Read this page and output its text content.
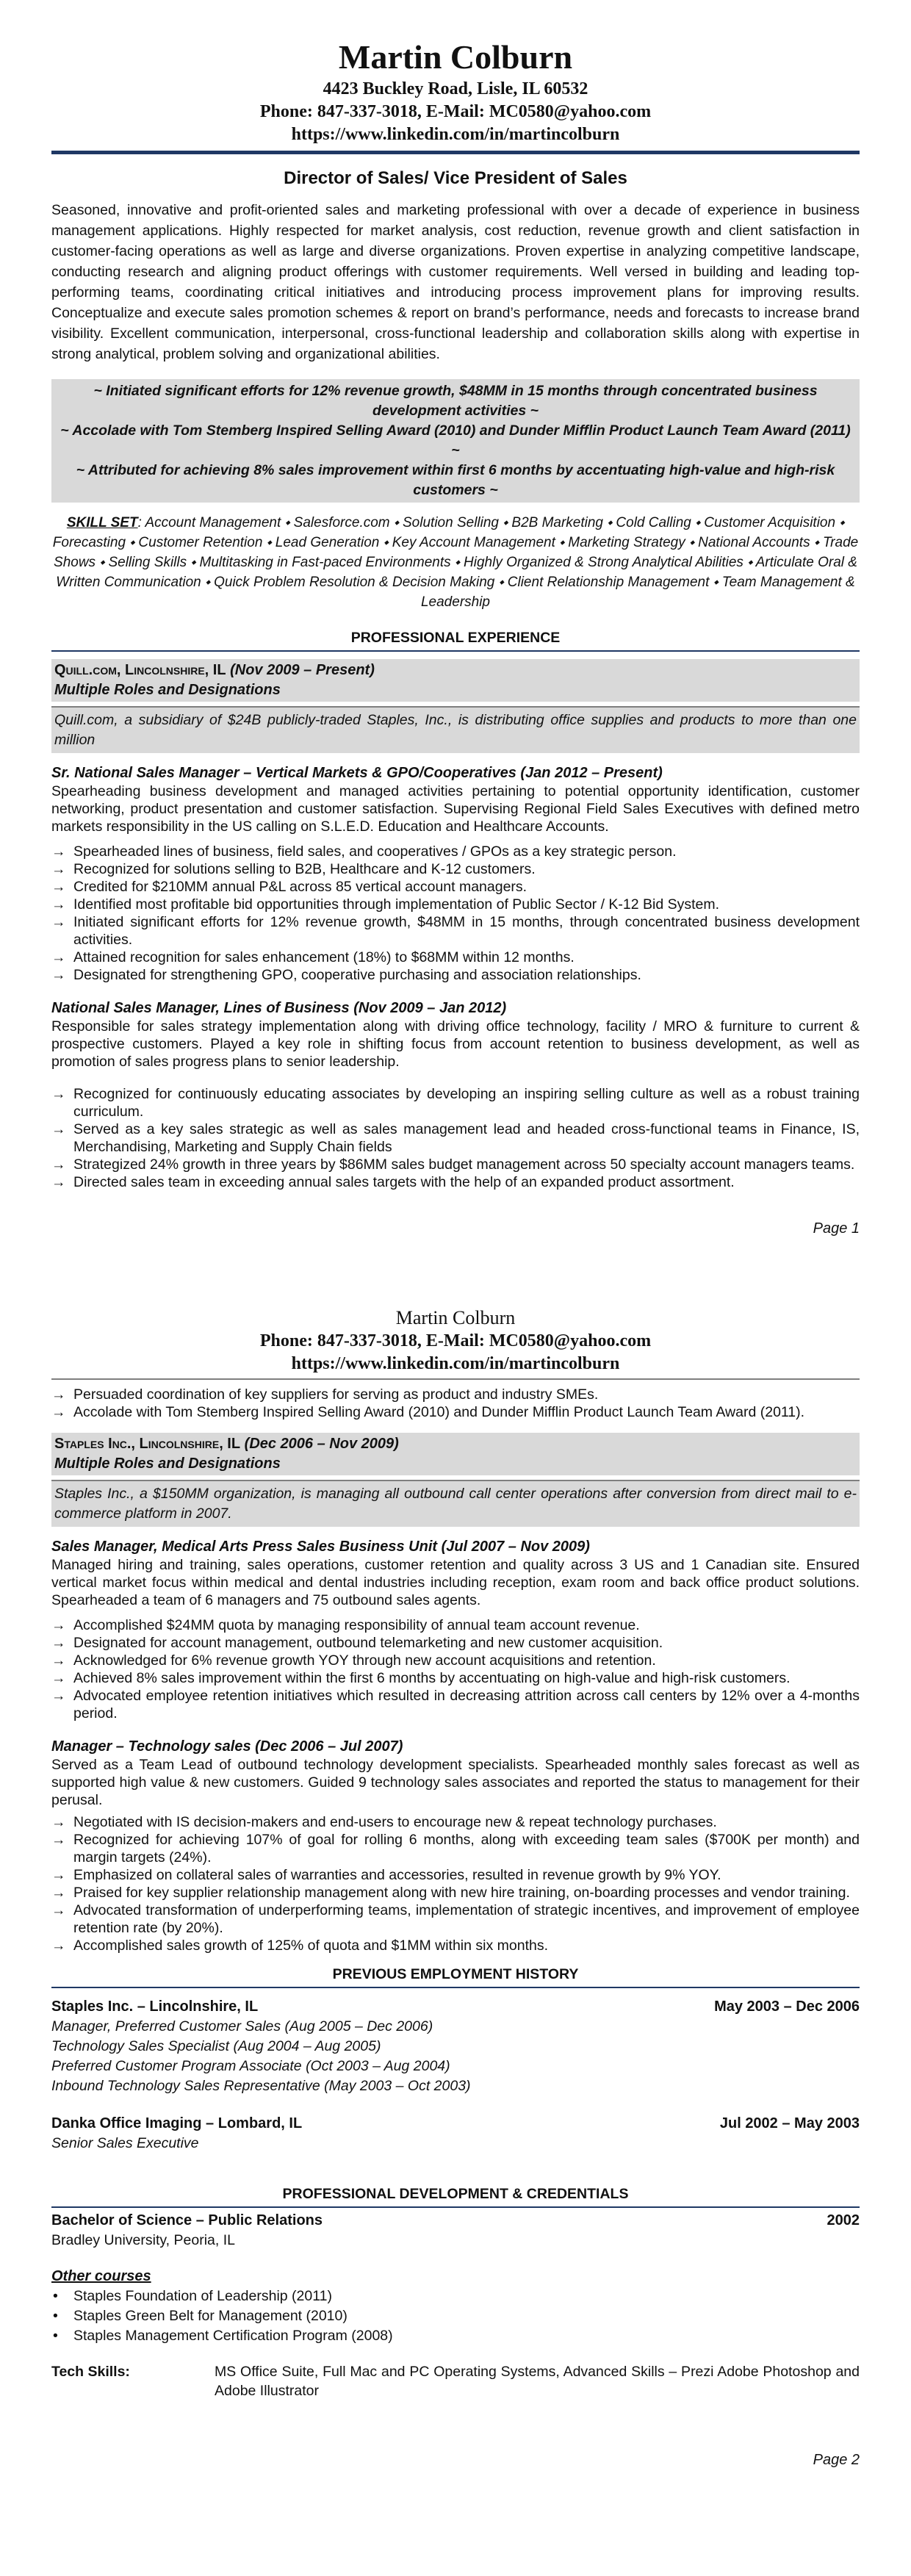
Martin Colburn
4423 Buckley Road, Lisle, IL 60532
Phone: 847-337-3018, E-Mail: MC0580@yahoo.com
https://www.linkedin.com/in/martincolburn
Director of Sales/ Vice President of Sales
Seasoned, innovative and profit-oriented sales and marketing professional with over a decade of experience in business management applications. Highly respected for market analysis, cost reduction, revenue growth and client satisfaction in customer-facing operations as well as large and diverse organizations. Proven expertise in analyzing competitive landscape, conducting research and aligning product offerings with customer requirements. Well versed in building and leading top-performing teams, coordinating critical initiatives and introducing process improvement plans for improving results. Conceptualize and execute sales promotion schemes & report on brand’s performance, needs and forecasts to increase brand visibility. Excellent communication, interpersonal, cross-functional leadership and collaboration skills along with expertise in strong analytical, problem solving and organizational abilities.
~ Initiated significant efforts for 12% revenue growth, $48MM in 15 months through concentrated business development activities ~
~ Accolade with Tom Stemberg Inspired Selling Award (2010) and Dunder Mifflin Product Launch Team Award (2011) ~
~ Attributed for achieving 8% sales improvement within first 6 months by accentuating high-value and high-risk customers ~
SKILL SET: Account Management ⬩ Salesforce.com ⬩ Solution Selling ⬩ B2B Marketing ⬩ Cold Calling ⬩ Customer Acquisition ⬩ Forecasting ⬩ Customer Retention ⬩ Lead Generation ⬩ Key Account Management ⬩ Marketing Strategy ⬩ National Accounts ⬩ Trade Shows ⬩ Selling Skills ⬩ Multitasking in Fast-paced Environments ⬩ Highly Organized & Strong Analytical Abilities ⬩ Articulate Oral & Written Communication ⬩ Quick Problem Resolution & Decision Making ⬩ Client Relationship Management ⬩ Team Management & Leadership
PROFESSIONAL EXPERIENCE
Quill.com, Lincolnshire, IL (Nov 2009 – Present)
Multiple Roles and Designations
Quill.com, a subsidiary of $24B publicly-traded Staples, Inc., is distributing office supplies and products to more than one million
Sr. National Sales Manager – Vertical Markets & GPO/Cooperatives (Jan 2012 – Present)
Spearheading business development and managed activities pertaining to potential opportunity identification, customer networking, product presentation and customer satisfaction. Supervising Regional Field Sales Executives with defined metro markets responsibility in the US calling on S.L.E.D. Education and Healthcare Accounts.
→ Spearheaded lines of business, field sales, and cooperatives / GPOs as a key strategic person.
→ Recognized for solutions selling to B2B, Healthcare and K-12 customers.
→ Credited for $210MM annual P&L across 85 vertical account managers.
→ Identified most profitable bid opportunities through implementation of Public Sector / K-12 Bid System.
→ Initiated significant efforts for 12% revenue growth, $48MM in 15 months, through concentrated business development activities.
→ Attained recognition for sales enhancement (18%) to $68MM within 12 months.
→ Designated for strengthening GPO, cooperative purchasing and association relationships.
National Sales Manager, Lines of Business (Nov 2009 – Jan 2012)
Responsible for sales strategy implementation along with driving office technology, facility / MRO & furniture to current & prospective customers. Played a key role in shifting focus from account retention to business development, as well as promotion of sales progress plans to senior leadership.
→ Recognized for continuously educating associates by developing an inspiring selling culture as well as a robust training curriculum.
→ Served as a key sales strategic as well as sales management lead and headed cross-functional teams in Finance, IS, Merchandising, Marketing and Supply Chain fields
→ Strategized 24% growth in three years by $86MM sales budget management across 50 specialty account managers teams.
→ Directed sales team in exceeding annual sales targets with the help of an expanded product assortment.
Page 1
Martin Colburn
Phone: 847-337-3018, E-Mail: MC0580@yahoo.com
https://www.linkedin.com/in/martincolburn
→ Persuaded coordination of key suppliers for serving as product and industry SMEs.
→ Accolade with Tom Stemberg Inspired Selling Award (2010) and Dunder Mifflin Product Launch Team Award (2011).
Staples Inc., Lincolnshire, IL (Dec 2006 – Nov 2009)
Multiple Roles and Designations
Staples Inc., a $150MM organization, is managing all outbound call center operations after conversion from direct mail to e-commerce platform in 2007.
Sales Manager, Medical Arts Press Sales Business Unit (Jul 2007 – Nov 2009)
Managed hiring and training, sales operations, customer retention and quality across 3 US and 1 Canadian site. Ensured vertical market focus within medical and dental industries including reception, exam room and back office product solutions. Spearheaded a team of 6 managers and 75 outbound sales agents.
→ Accomplished $24MM quota by managing responsibility of annual team account revenue.
→ Designated for account management, outbound telemarketing and new customer acquisition.
→ Acknowledged for 6% revenue growth YOY through new account acquisitions and retention.
→ Achieved 8% sales improvement within the first 6 months by accentuating on high-value and high-risk customers.
→ Advocated employee retention initiatives which resulted in decreasing attrition across call centers by 12% over a 4-months period.
Manager – Technology sales (Dec 2006 – Jul 2007)
Served as a Team Lead of outbound technology development specialists. Spearheaded monthly sales forecast as well as supported high value & new customers. Guided 9 technology sales associates and reported the status to management for their perusal.
→ Negotiated with IS decision-makers and end-users to encourage new & repeat technology purchases.
→ Recognized for achieving 107% of goal for rolling 6 months, along with exceeding team sales ($700K per month) and margin targets (24%).
→ Emphasized on collateral sales of warranties and accessories, resulted in revenue growth by 9% YOY.
→ Praised for key supplier relationship management along with new hire training, on-boarding processes and vendor training.
→ Advocated transformation of underperforming teams, implementation of strategic incentives, and improvement of employee retention rate (by 20%).
→ Accomplished sales growth of 125% of quota and $1MM within six months.
PREVIOUS EMPLOYMENT HISTORY
Staples Inc. – Lincolnshire, IL	May 2003 – Dec 2006
Manager, Preferred Customer Sales (Aug 2005 – Dec 2006)
Technology Sales Specialist (Aug 2004 – Aug 2005)
Preferred Customer Program Associate (Oct 2003 – Aug 2004)
Inbound Technology Sales Representative (May 2003 – Oct 2003)
Danka Office Imaging – Lombard, IL	Jul 2002 – May 2003
Senior Sales Executive
PROFESSIONAL DEVELOPMENT & CREDENTIALS
Bachelor of Science – Public Relations	2002
Bradley University, Peoria, IL
Other courses
• Staples Foundation of Leadership (2011)
• Staples Green Belt for Management (2010)
• Staples Management Certification Program (2008)
Tech Skills:	MS Office Suite, Full Mac and PC Operating Systems, Advanced Skills – Prezi Adobe Photoshop and Adobe Illustrator
Page 2
